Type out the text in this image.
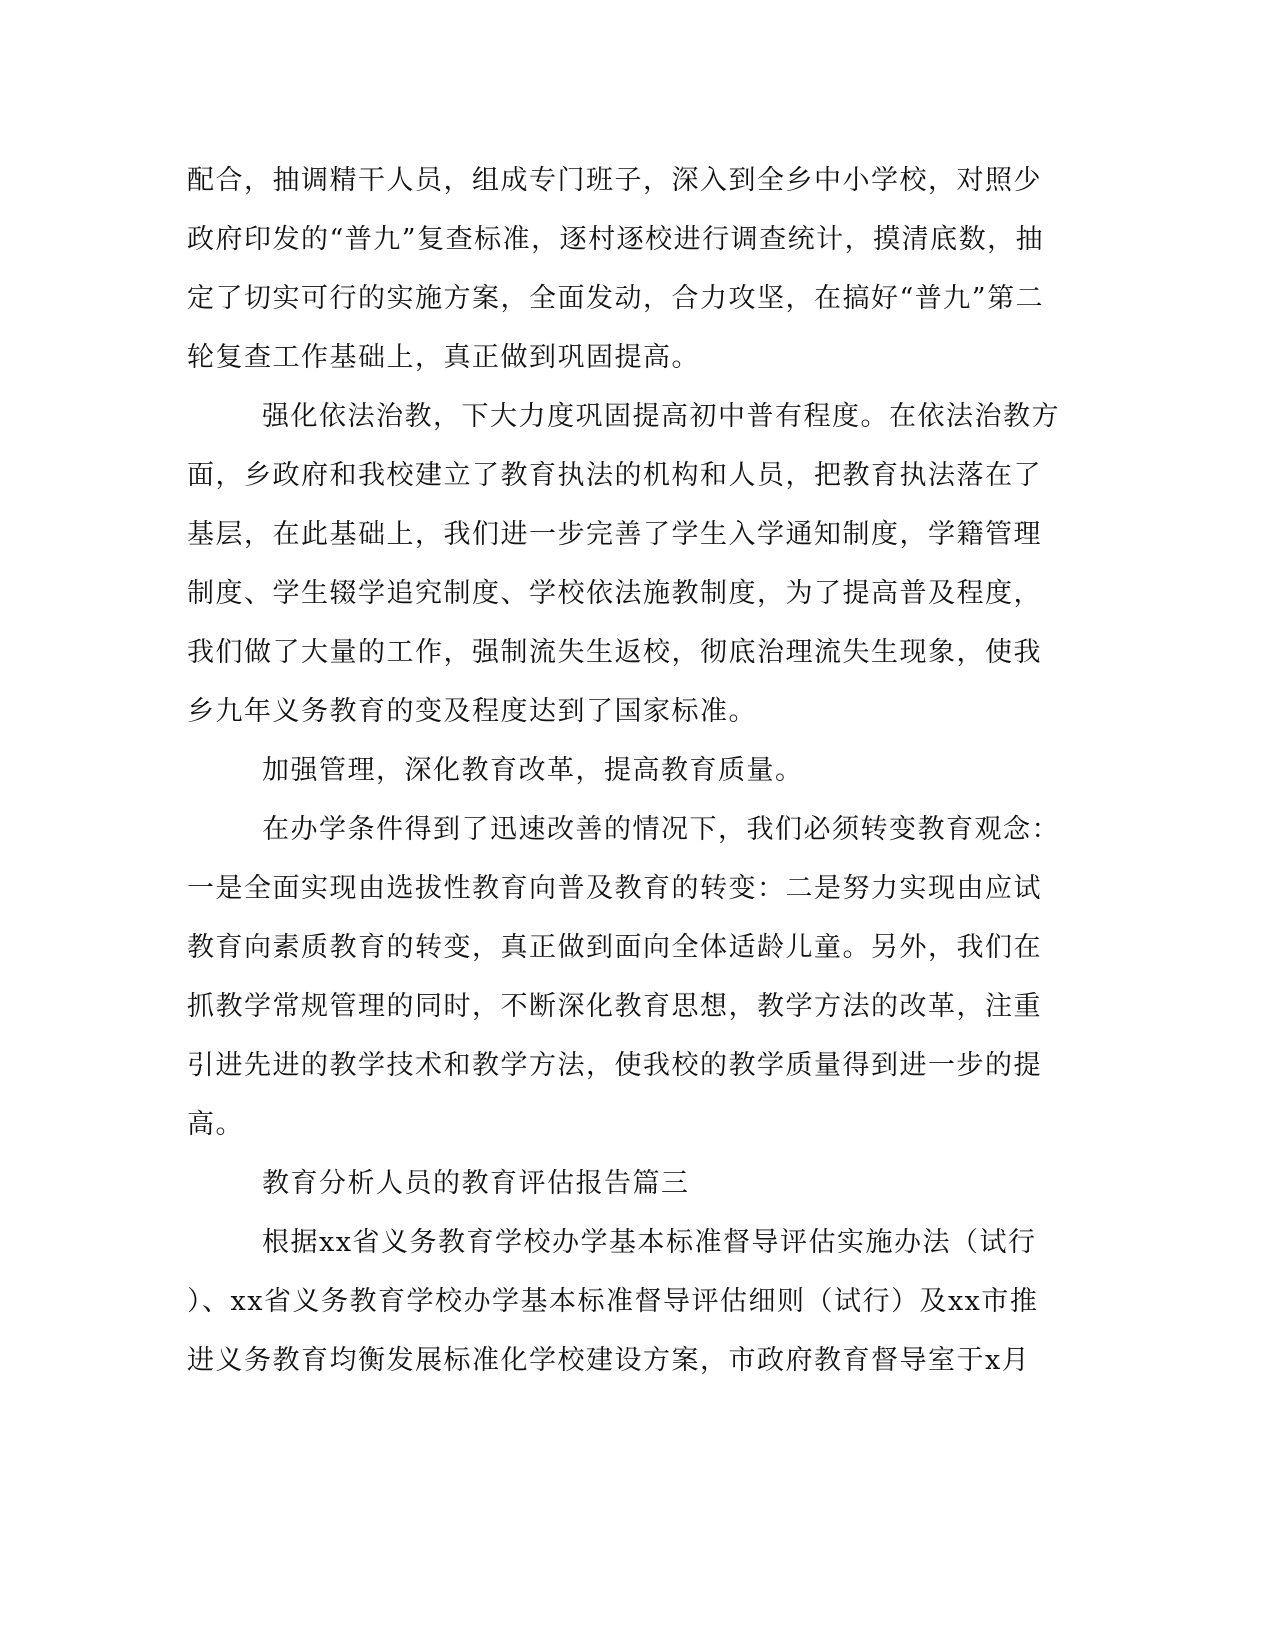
配合，抽调精干人员，组成专门班子，深入到全乡中小学校，对照少
政府印发的“普九”复查标准，逐村逐校进行调查统计，摸清底数，抽
定了切实可行的实施方案，全面发动，合力攻坚，在搞好“普九”第二
轮复查工作基础上，真正做到巩固提高。
强化依法治教，下大力度巩固提高初中普有程度。在依法治教方
面，乡政府和我校建立了教育执法的机构和人员，把教育执法落在了
基层，在此基础上，我们进一步完善了学生入学通知制度，学籍管理
制度、学生辍学追究制度、学校依法施教制度，为了提高普及程度，
我们做了大量的工作，强制流失生返校，彻底治理流失生现象，使我
乡九年义务教育的变及程度达到了国家标准。
加强管理，深化教育改革，提高教育质量。
在办学条件得到了迅速改善的情况下，我们必须转变教育观念：
一是全面实现由选拔性教育向普及教育的转变：二是努力实现由应试
教育向素质教育的转变，真正做到面向全体适龄儿童。另外，我们在
抓教学常规管理的同时，不断深化教育思想，教学方法的改革，注重
引进先进的教学技术和教学方法，使我校的教学质量得到进一步的提
高。
教育分析人员的教育评估报告篇三
根据xx省义务教育学校办学基本标准督导评估实施办法（试行
）、xx省义务教育学校办学基本标准督导评估细则（试行）及xx市推
进义务教育均衡发展标准化学校建设方案，市政府教育督导室于x月
